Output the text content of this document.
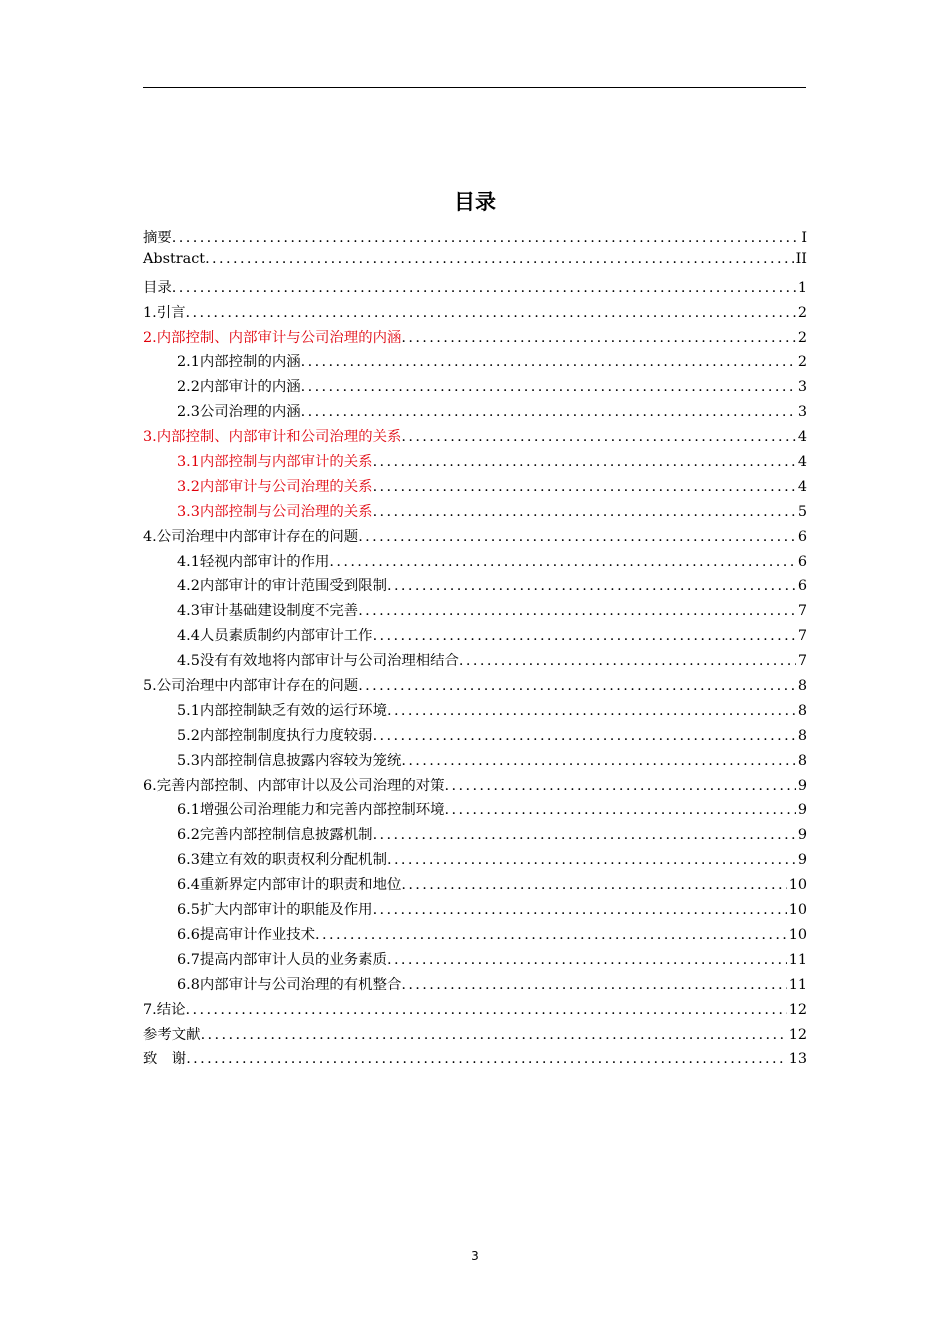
目录
摘要 .....	I
Abstract .....	II
目录 .....	1
1.引言 .....	2
2.内部控制、内部审计与公司治理的内涵 .....	2
2.1内部控制的内涵 .....	2
2.2内部审计的内涵 .....	3
2.3公司治理的内涵 .....	3
3.内部控制、内部审计和公司治理的关系 .....	4
3.1内部控制与内部审计的关系 .....	4
3.2内部审计与公司治理的关系 .....	4
3.3内部控制与公司治理的关系 .....	5
4.公司治理中内部审计存在的问题 .....	6
4.1轻视内部审计的作用 .....	6
4.2内部审计的审计范围受到限制 .....	6
4.3审计基础建设制度不完善 .....	7
4.4人员素质制约内部审计工作 .....	7
4.5没有有效地将内部审计与公司治理相结合 .....	7
5.公司治理中内部审计存在的问题 .....	8
5.1内部控制缺乏有效的运行环境 .....	8
5.2内部控制制度执行力度较弱 .....	8
5.3内部控制信息披露内容较为笼统 .....	8
6.完善内部控制、内部审计以及公司治理的对策 .....	9
6.1增强公司治理能力和完善内部控制环境 .....	9
6.2完善内部控制信息披露机制 .....	9
6.3建立有效的职责权利分配机制 .....	9
6.4重新界定内部审计的职责和地位 .....	10
6.5扩大内部审计的职能及作用 .....	10
6.6提高审计作业技术 .....	10
6.7提高内部审计人员的业务素质 .....	11
6.8内部审计与公司治理的有机整合 .....	11
7.结论 .....	12
参考文献 .....	12
致　谢 .....	13
3
